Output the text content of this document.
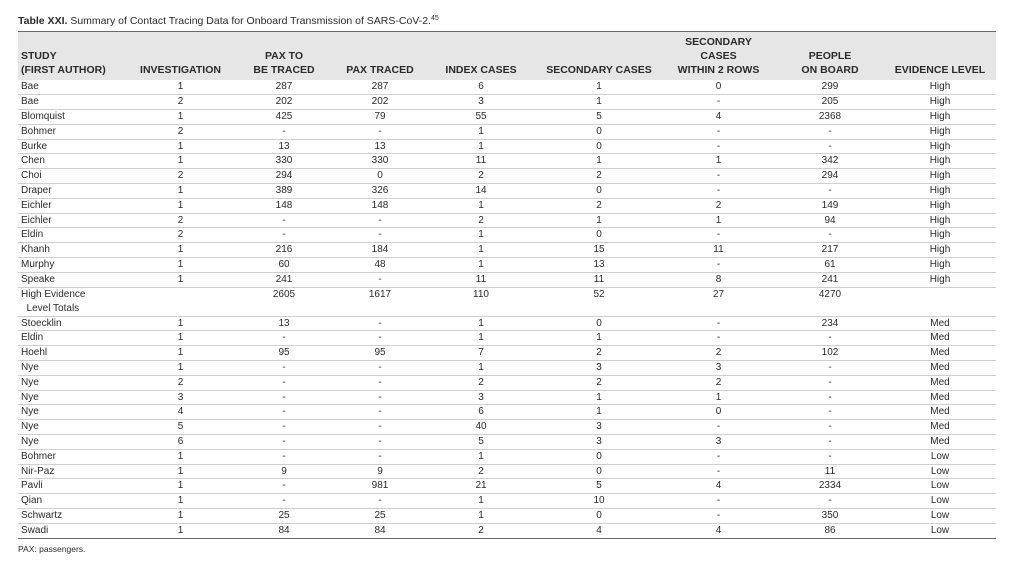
Table XXI. Summary of Contact Tracing Data for Onboard Transmission of SARS-CoV-2.45
STUDY
(FIRST AUTHOR)	INVESTIGATION	PAX TO
BE TRACED	PAX TRACED	INDEX CASES	SECONDARY CASES	SECONDARY
CASES
WITHIN 2 ROWS	PEOPLE
ON BOARD	EVIDENCE LEVEL
Bae	1	287	287	6	1	0	299	High
Bae	2	202	202	3	1	-	205	High
Blomquist	1	425	79	55	5	4	2368	High
Bohmer	2	-	-	1	0	-	-	High
Burke	1	13	13	1	0	-	-	High
Chen	1	330	330	11	1	1	342	High
Choi	2	294	0	2	2	-	294	High
Draper	1	389	326	14	0	-	-	High
Eichler	1	148	148	1	2	2	149	High
Eichler	2	-	-	2	1	1	94	High
Eldin	2	-	-	1	0	-	-	High
Khanh	1	216	184	1	15	11	217	High
Murphy	1	60	48	1	13	-	61	High
Speake	1	241	-	11	11	8	241	High
High Evidence
Level Totals		2605	1617	110	52	27	4270	
Stoecklin	1	13	-	1	0	-	234	Med
Eldin	1	-	-	1	1	-	-	Med
Hoehl	1	95	95	7	2	2	102	Med
Nye	1	-	-	1	3	3	-	Med
Nye	2	-	-	2	2	2	-	Med
Nye	3	-	-	3	1	1	-	Med
Nye	4	-	-	6	1	0	-	Med
Nye	5	-	-	40	3	-	-	Med
Nye	6	-	-	5	3	3	-	Med
Bohmer	1	-	-	1	0	-	-	Low
Nir-Paz	1	9	9	2	0	-	11	Low
Pavli	1	-	981	21	5	4	2334	Low
Qian	1	-	-	1	10	-	-	Low
Schwartz	1	25	25	1	0	-	350	Low
Swadi	1	84	84	2	4	4	86	Low
PAX: passengers.
